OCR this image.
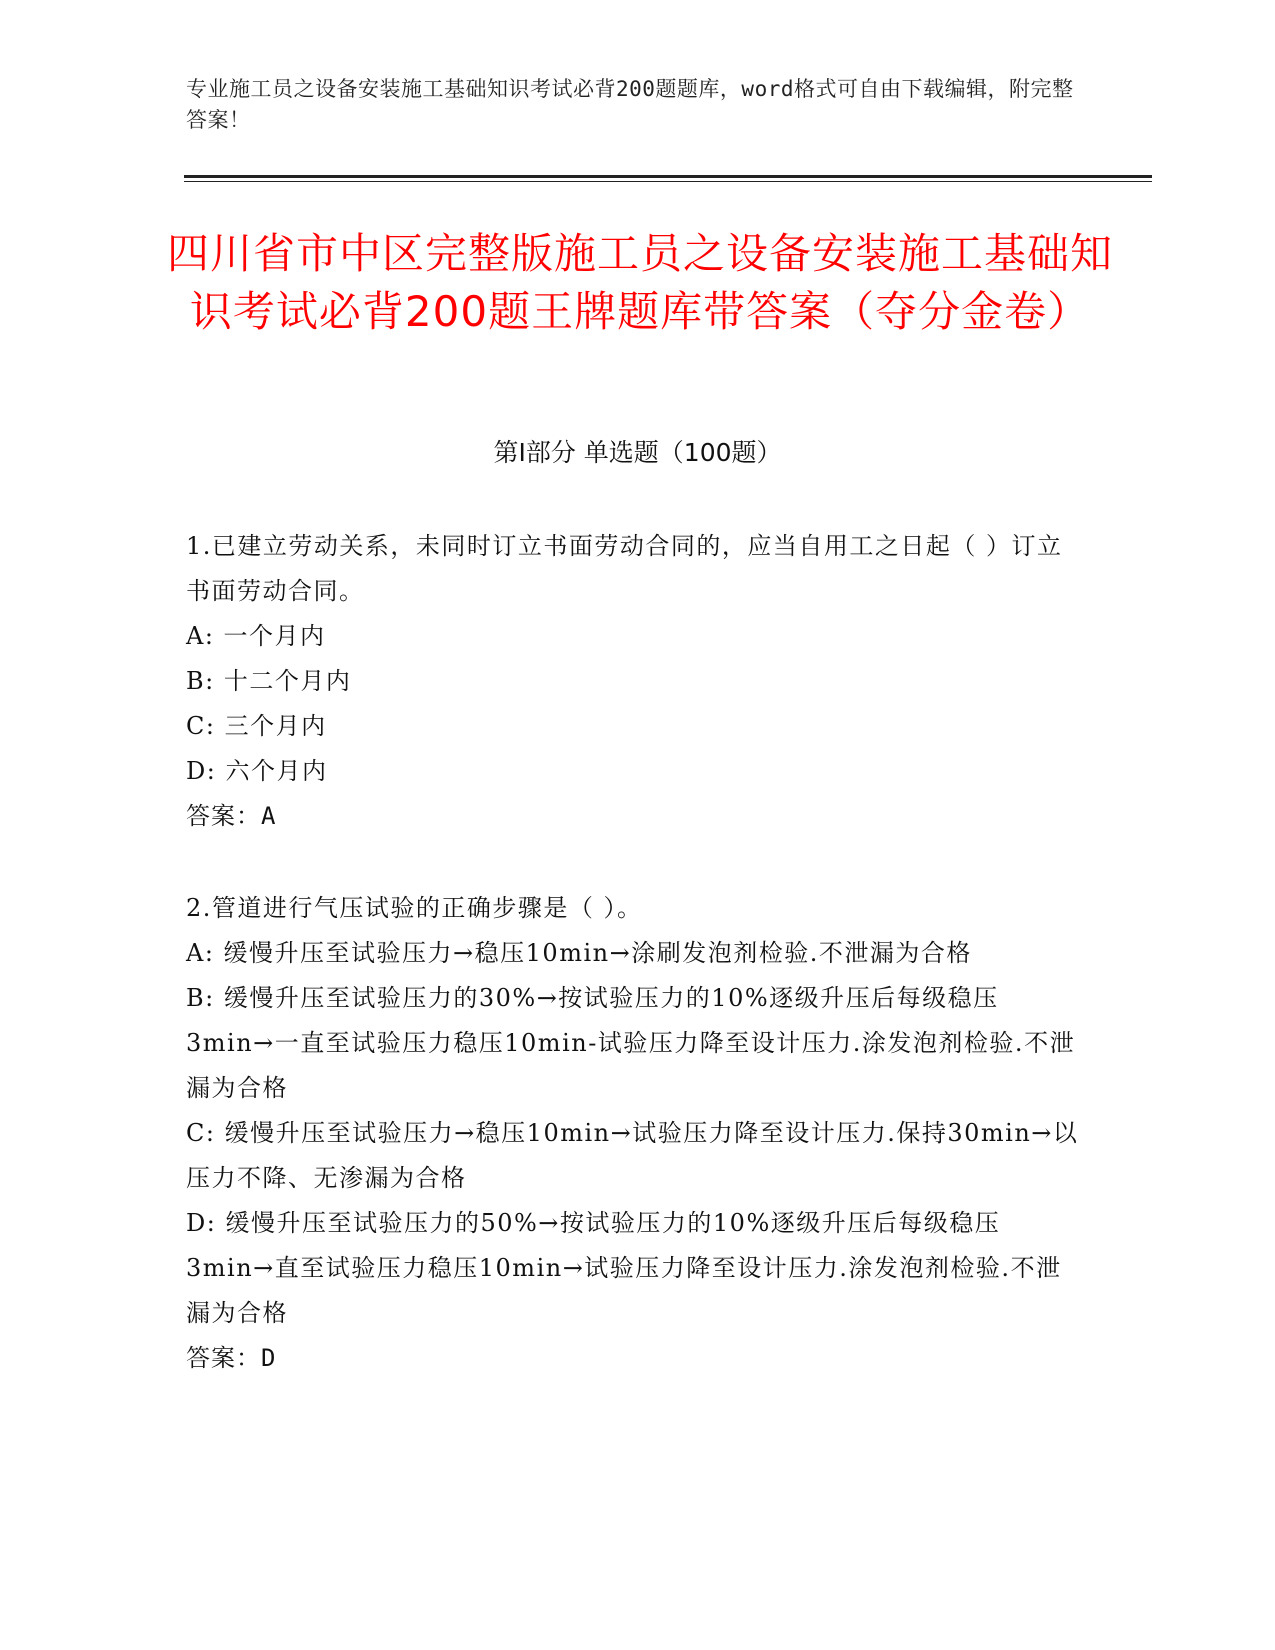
专业施工员之设备安装施工基础知识考试必背200题题库，word格式可自由下载编辑，附完整答案！
四川省市中区完整版施工员之设备安装施工基础知识考试必背200题王牌题库带答案（夺分金卷）
第I部分 单选题（100题）
1.已建立劳动关系，未同时订立书面劳动合同的，应当自用工之日起（ ）订立书面劳动合同。
A: 一个月内
B: 十二个月内
C: 三个月内
D: 六个月内
答案：A
2.管道进行气压试验的正确步骤是（ ）。
A: 缓慢升压至试验压力→稳压10min→涂刷发泡剂检验.不泄漏为合格
B: 缓慢升压至试验压力的30%→按试验压力的10%逐级升压后每级稳压3min→一直至试验压力稳压10min-试验压力降至设计压力.涂发泡剂检验.不泄漏为合格
C: 缓慢升压至试验压力→稳压10min→试验压力降至设计压力.保持30min→以压力不降、无渗漏为合格
D: 缓慢升压至试验压力的50%→按试验压力的10%逐级升压后每级稳压3min→直至试验压力稳压10min→试验压力降至设计压力.涂发泡剂检验.不泄漏为合格
答案：D
